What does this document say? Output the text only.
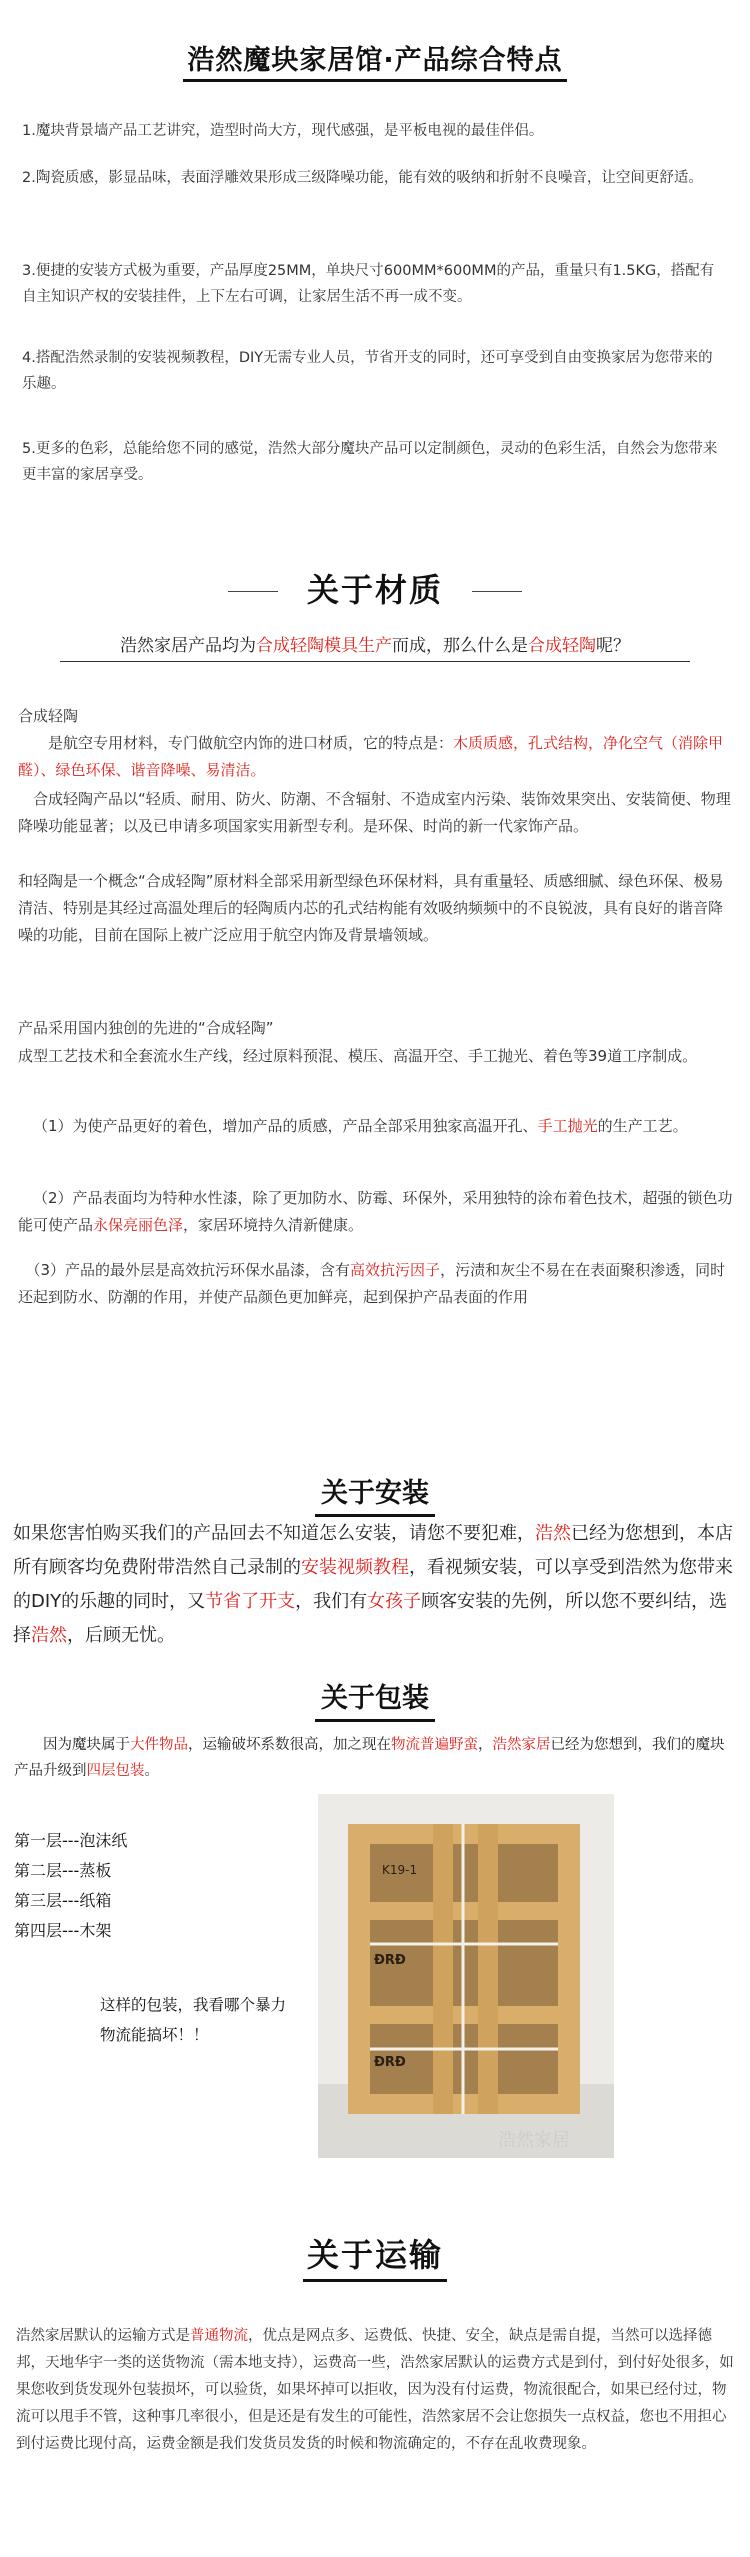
浩然魔块家居馆·产品综合特点

1.魔块背景墙产品工艺讲究，造型时尚大方，现代感强，是平板电视的最佳伴侣。

2.陶瓷质感，影显品味，表面浮雕效果形成三级降噪功能，能有效的吸纳和折射不良噪音，让空间更舒适。

3.便捷的安装方式极为重要，产品厚度25MM，单块尺寸600MM*600MM的产品，重量只有1.5KG，搭配有自主知识产权的安装挂件，上下左右可调，让家居生活不再一成不变。

4.搭配浩然录制的安装视频教程，DIY无需专业人员，节省开支的同时，还可享受到自由变换家居为您带来的乐趣。

5.更多的色彩，总能给您不同的感觉，浩然大部分魔块产品可以定制颜色，灵动的色彩生活，自然会为您带来更丰富的家居享受。

关于材质
浩然家居产品均为合成轻陶模具生产而成，那么什么是合成轻陶呢？

合成轻陶

是航空专用材料，专门做航空内饰的进口材质，它的特点是：木质质感，孔式结构，净化空气（消除甲醛）、绿色环保、谐音降噪、易清洁。

合成轻陶产品以“轻质、耐用、防火、防潮、不含辐射、不造成室内污染、装饰效果突出、安装简便、物理降噪功能显著；以及已申请多项国家实用新型专利。是环保、时尚的新一代家饰产品。

和轻陶是一个概念“合成轻陶”原材料全部采用新型绿色环保材料，具有重量轻、质感细腻、绿色环保、极易清洁、特别是其经过高温处理后的轻陶质内芯的孔式结构能有效吸纳频频中的不良锐波，具有良好的谐音降噪的功能，目前在国际上被广泛应用于航空内饰及背景墙领域。

产品采用国内独创的先进的“合成轻陶”

成型工艺技术和全套流水生产线，经过原料预混、模压、高温开空、手工抛光、着色等39道工序制成。

（1）为使产品更好的着色，增加产品的质感，产品全部采用独家高温开孔、手工抛光的生产工艺。

（2）产品表面均为特种水性漆，除了更加防水、防霉、环保外，采用独特的涂布着色技术，超强的锁色功能可使产品永保亮丽色泽，家居环境持久清新健康。

（3）产品的最外层是高效抗污环保水晶漆，含有高效抗污因子，污渍和灰尘不易在在表面聚积渗透，同时还起到防水、防潮的作用，并使产品颜色更加鲜亮，起到保护产品表面的作用

关于安装
如果您害怕购买我们的产品回去不知道怎么安装，请您不要犯难，浩然已经为您想到，本店所有顾客均免费附带浩然自己录制的安装视频教程，看视频安装，可以享受到浩然为您带来的DIY的乐趣的同时，又节省了开支，我们有女孩子顾客安装的先例，所以您不要纠结，选择浩然，后顾无忧。
关于包装
因为魔块属于大件物品，运输破坏系数很高，加之现在物流普遍野蛮，浩然家居已经为您想到，我们的魔块产品升级到四层包装。
第一层---泡沫纸
第二层---蒸板
第三层---纸箱
第四层---木架
这样的包装，我看哪个暴力物流能搞坏！！
ÐRÐ
ÐRÐ
K19-1
浩然家居
关于运输
浩然家居默认的运输方式是普通物流，优点是网点多、运费低、快捷、安全，缺点是需自提，当然可以选择德邦，天地华宇一类的送货物流（需本地支持），运费高一些，浩然家居默认的运费方式是到付，到付好处很多，如果您收到货发现外包装损坏，可以验货，如果坏掉可以拒收，因为没有付运费，物流很配合，如果已经付过，物流可以甩手不管，这种事几率很小，但是还是有发生的可能性，浩然家居不会让您损失一点权益，您也不用担心到付运费比现付高，运费金额是我们发货员发货的时候和物流确定的，不存在乱收费现象。
